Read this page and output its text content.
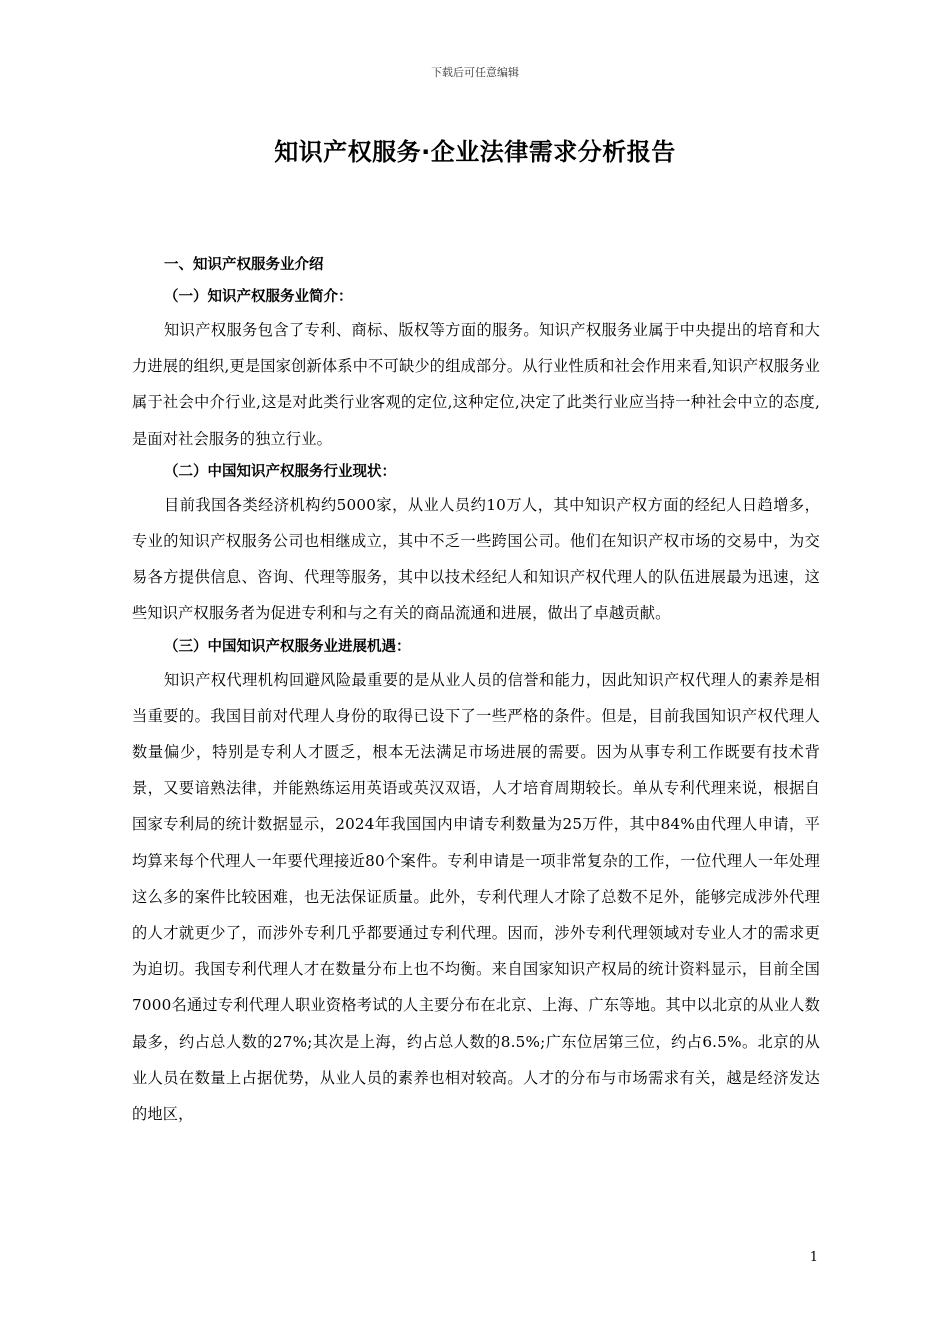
下载后可任意编辑
知识产权服务·企业法律需求分析报告

一、知识产权服务业介绍

（一）知识产权服务业简介：

知识产权服务包含了专利、商标、版权等方面的服务。知识产权服务业属于中央提出的培育和大力进展的组织,更是国家创新体系中不可缺少的组成部分。从行业性质和社会作用来看,知识产权服务业属于社会中介行业,这是对此类行业客观的定位,这种定位,决定了此类行业应当持一种社会中立的态度,是面对社会服务的独立行业。

（二）中国知识产权服务行业现状：

目前我国各类经济机构约5000家，从业人员约10万人，其中知识产权方面的经纪人日趋增多，专业的知识产权服务公司也相继成立，其中不乏一些跨国公司。他们在知识产权市场的交易中，为交易各方提供信息、咨询、代理等服务，其中以技术经纪人和知识产权代理人的队伍进展最为迅速，这些知识产权服务者为促进专利和与之有关的商品流通和进展，做出了卓越贡献。

（三）中国知识产权服务业进展机遇：

知识产权代理机构回避风险最重要的是从业人员的信誉和能力，因此知识产权代理人的素养是相当重要的。我国目前对代理人身份的取得已设下了一些严格的条件。但是，目前我国知识产权代理人数量偏少，特别是专利人才匮乏，根本无法满足市场进展的需要。因为从事专利工作既要有技术背景，又要谙熟法律，并能熟练运用英语或英汉双语，人才培育周期较长。单从专利代理来说，根据自国家专利局的统计数据显示，2024年我国国内申请专利数量为25万件，其中84%由代理人申请，平均算来每个代理人一年要代理接近80个案件。专利申请是一项非常复杂的工作，一位代理人一年处理这么多的案件比较困难，也无法保证质量。此外，专利代理人才除了总数不足外，能够完成涉外代理的人才就更少了，而涉外专利几乎都要通过专利代理。因而，涉外专利代理领域对专业人才的需求更为迫切。我国专利代理人才在数量分布上也不均衡。来自国家知识产权局的统计资料显示，目前全国7000名通过专利代理人职业资格考试的人主要分布在北京、上海、广东等地。其中以北京的从业人数最多，约占总人数的27%;其次是上海，约占总人数的8.5%;广东位居第三位，约占6.5%。北京的从业人员在数量上占据优势，从业人员的素养也相对较高。人才的分布与市场需求有关，越是经济发达的地区，

1
